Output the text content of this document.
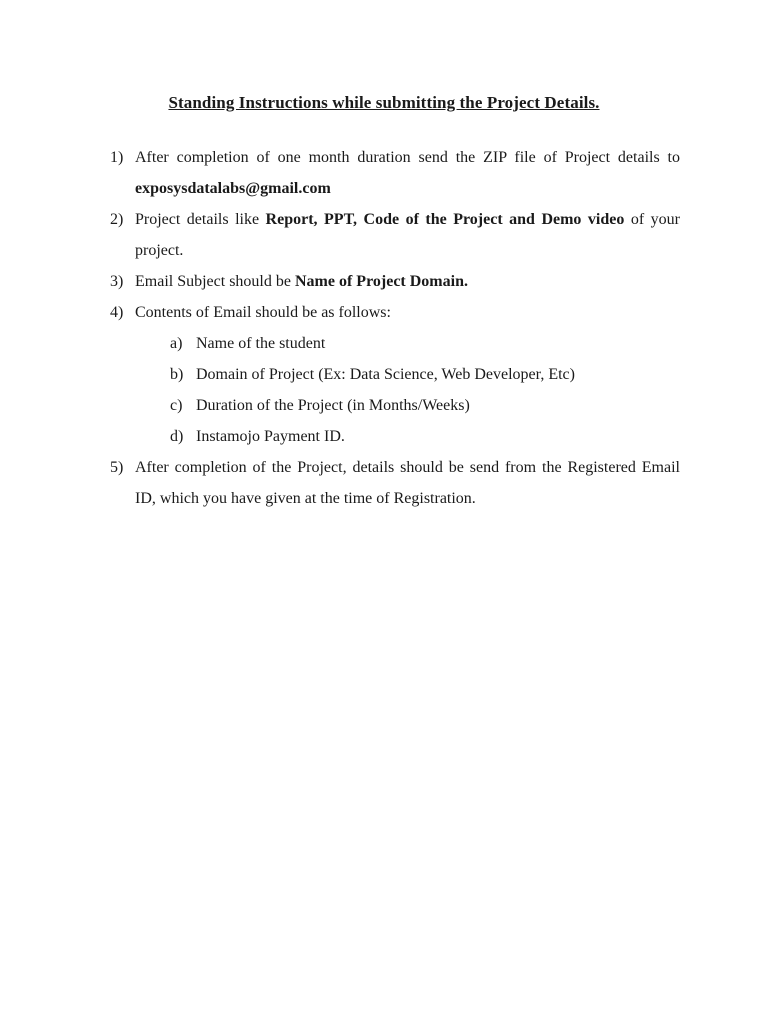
Standing Instructions while submitting the Project Details.
1) After completion of one month duration send the ZIP file of Project details to exposysdatalabs@gmail.com
2) Project details like Report, PPT, Code of the Project and Demo video of your project.
3) Email Subject should be Name of Project Domain.
4) Contents of Email should be as follows:
a) Name of the student
b) Domain of Project (Ex: Data Science, Web Developer, Etc)
c) Duration of the Project (in Months/Weeks)
d) Instamojo Payment ID.
5) After completion of the Project, details should be send from the Registered Email ID, which you have given at the time of Registration.
